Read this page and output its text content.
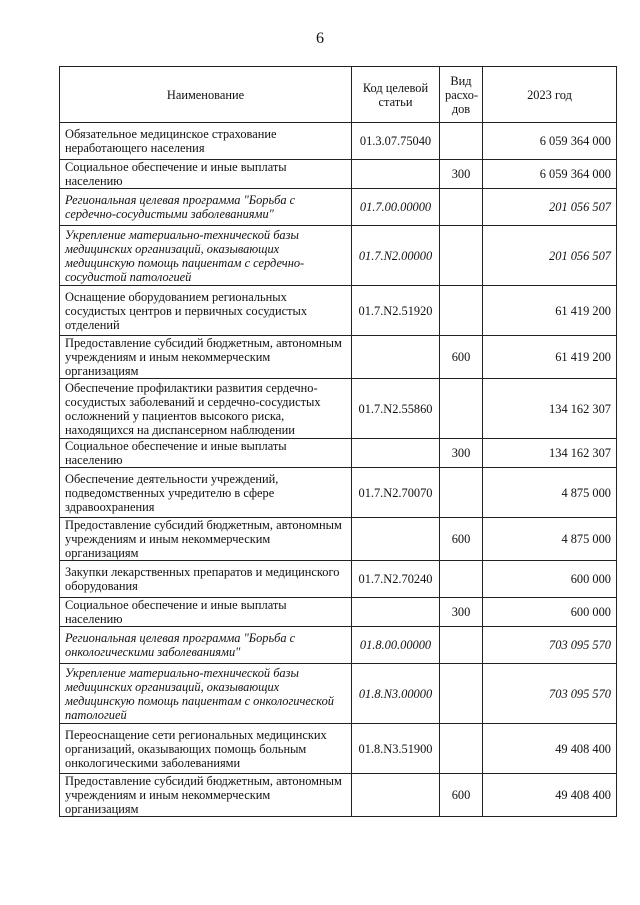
6
Наименование	Код целевой статьи	Вид расхо-дов	2023 год
Обязательное медицинское страхование неработающего населения	01.3.07.75040		6 059 364 000
Социальное обеспечение и иные выплаты населению		300	6 059 364 000
Региональная целевая программа "Борьба с сердечно-сосудистыми заболеваниями"	01.7.00.00000		201 056 507
Укрепление материально-технической базы медицинских организаций, оказывающих медицинскую помощь пациентам с сердечно-сосудистой патологией	01.7.N2.00000		201 056 507
Оснащение оборудованием региональных сосудистых центров и первичных сосудистых отделений	01.7.N2.51920		61 419 200
Предоставление субсидий бюджетным, автономным учреждениям и иным некоммерческим организациям		600	61 419 200
Обеспечение профилактики развития сердечно-сосудистых заболеваний и сердечно-сосудистых осложнений у пациентов высокого риска, находящихся на диспансерном наблюдении	01.7.N2.55860		134 162 307
Социальное обеспечение и иные выплаты населению		300	134 162 307
Обеспечение деятельности учреждений, подведомственных учредителю в сфере здравоохранения	01.7.N2.70070		4 875 000
Предоставление субсидий бюджетным, автономным учреждениям и иным некоммерческим организациям		600	4 875 000
Закупки лекарственных препаратов и медицинского оборудования	01.7.N2.70240		600 000
Социальное обеспечение и иные выплаты населению		300	600 000
Региональная целевая программа "Борьба с онкологическими заболеваниями"	01.8.00.00000		703 095 570
Укрепление материально-технической базы медицинских организаций, оказывающих медицинскую помощь пациентам с онкологической патологией	01.8.N3.00000		703 095 570
Переоснащение сети региональных медицинских организаций, оказывающих помощь больным онкологическими заболеваниями	01.8.N3.51900		49 408 400
Предоставление субсидий бюджетным, автономным учреждениям и иным некоммерческим организациям		600	49 408 400
